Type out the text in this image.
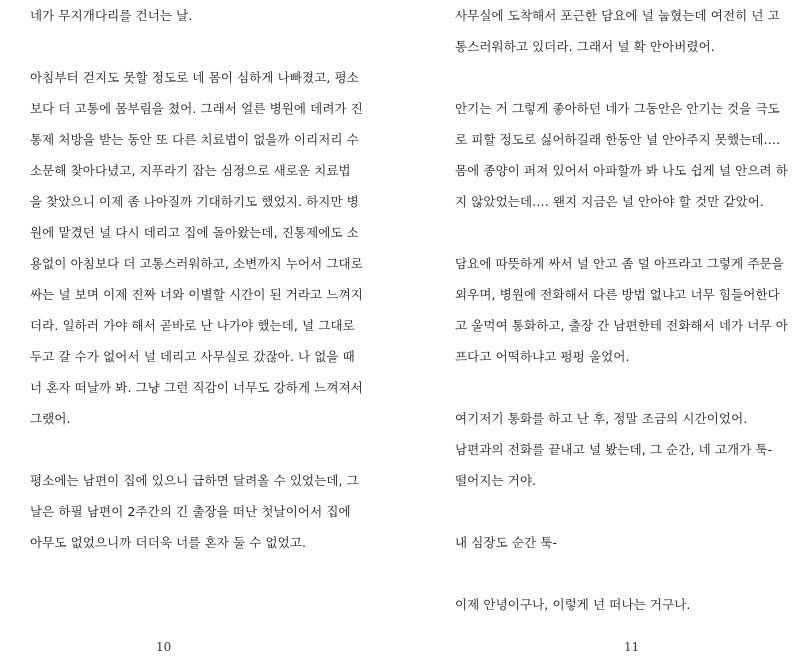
네가 무지개다리를 건너는 날.
아침부터 걷지도 못할 정도로 네 몸이 심하게 나빠졌고, 평소
보다 더 고통에 몸부림을 쳤어. 그래서 얼른 병원에 데려가 진
통제 처방을 받는 동안 또 다른 치료법이 없을까 이리저리 수
소문해 찾아다녔고, 지푸라기 잡는 심정으로 새로운 치료법
을 찾았으니 이제 좀 나아질까 기대하기도 했었지. 하지만 병
원에 맡겼던 널 다시 데리고 집에 돌아왔는데, 진통제에도 소
용없이 아침보다 더 고통스러워하고, 소변까지 누어서 그대로
싸는 널 보며 이제 진짜 너와 이별할 시간이 된 거라고 느껴지
더라. 일하러 가야 해서 곧바로 난 나가야 했는데, 널 그대로
두고 갈 수가 없어서 널 데리고 사무실로 갔잖아. 나 없을 때
너 혼자 떠날까 봐. 그냥 그런 직감이 너무도 강하게 느껴져서
그랬어.
평소에는 남편이 집에 있으니 급하면 달려올 수 있었는데, 그
날은 하필 남편이 2주간의 긴 출장을 떠난 첫날이어서 집에
아무도 없었으니까 더더욱 너를 혼자 둘 수 없었고.
10
사무실에 도착해서 포근한 담요에 널 눕혔는데 여전히 넌 고
통스러워하고 있더라. 그래서 널 확 안아버렸어.
안기는 거 그렇게 좋아하던 네가 그동안은 안기는 것을 극도
로 피할 정도로 싫어하길래 한동안 널 안아주지 못했는데….
몸에 종양이 퍼져 있어서 아파할까 봐 나도 쉽게 널 안으려 하
지 않았었는데…. 왠지 지금은 널 안아야 할 것만 같았어.
담요에 따뜻하게 싸서 널 안고 좀 덜 아프라고 그렇게 주문을
외우며, 병원에 전화해서 다른 방법 없냐고 너무 힘들어한다
고 울먹여 통화하고, 출장 간 남편한테 전화해서 네가 너무 아
프다고 어떡하냐고 펑펑 울었어.
여기저기 통화를 하고 난 후, 정말 조금의 시간이었어.
남편과의 전화를 끝내고 널 봤는데, 그 순간, 네 고개가 툭-
떨어지는 거야.
내 심장도 순간 툭-
이제 안녕이구나, 이렇게 넌 떠나는 거구나.
11
